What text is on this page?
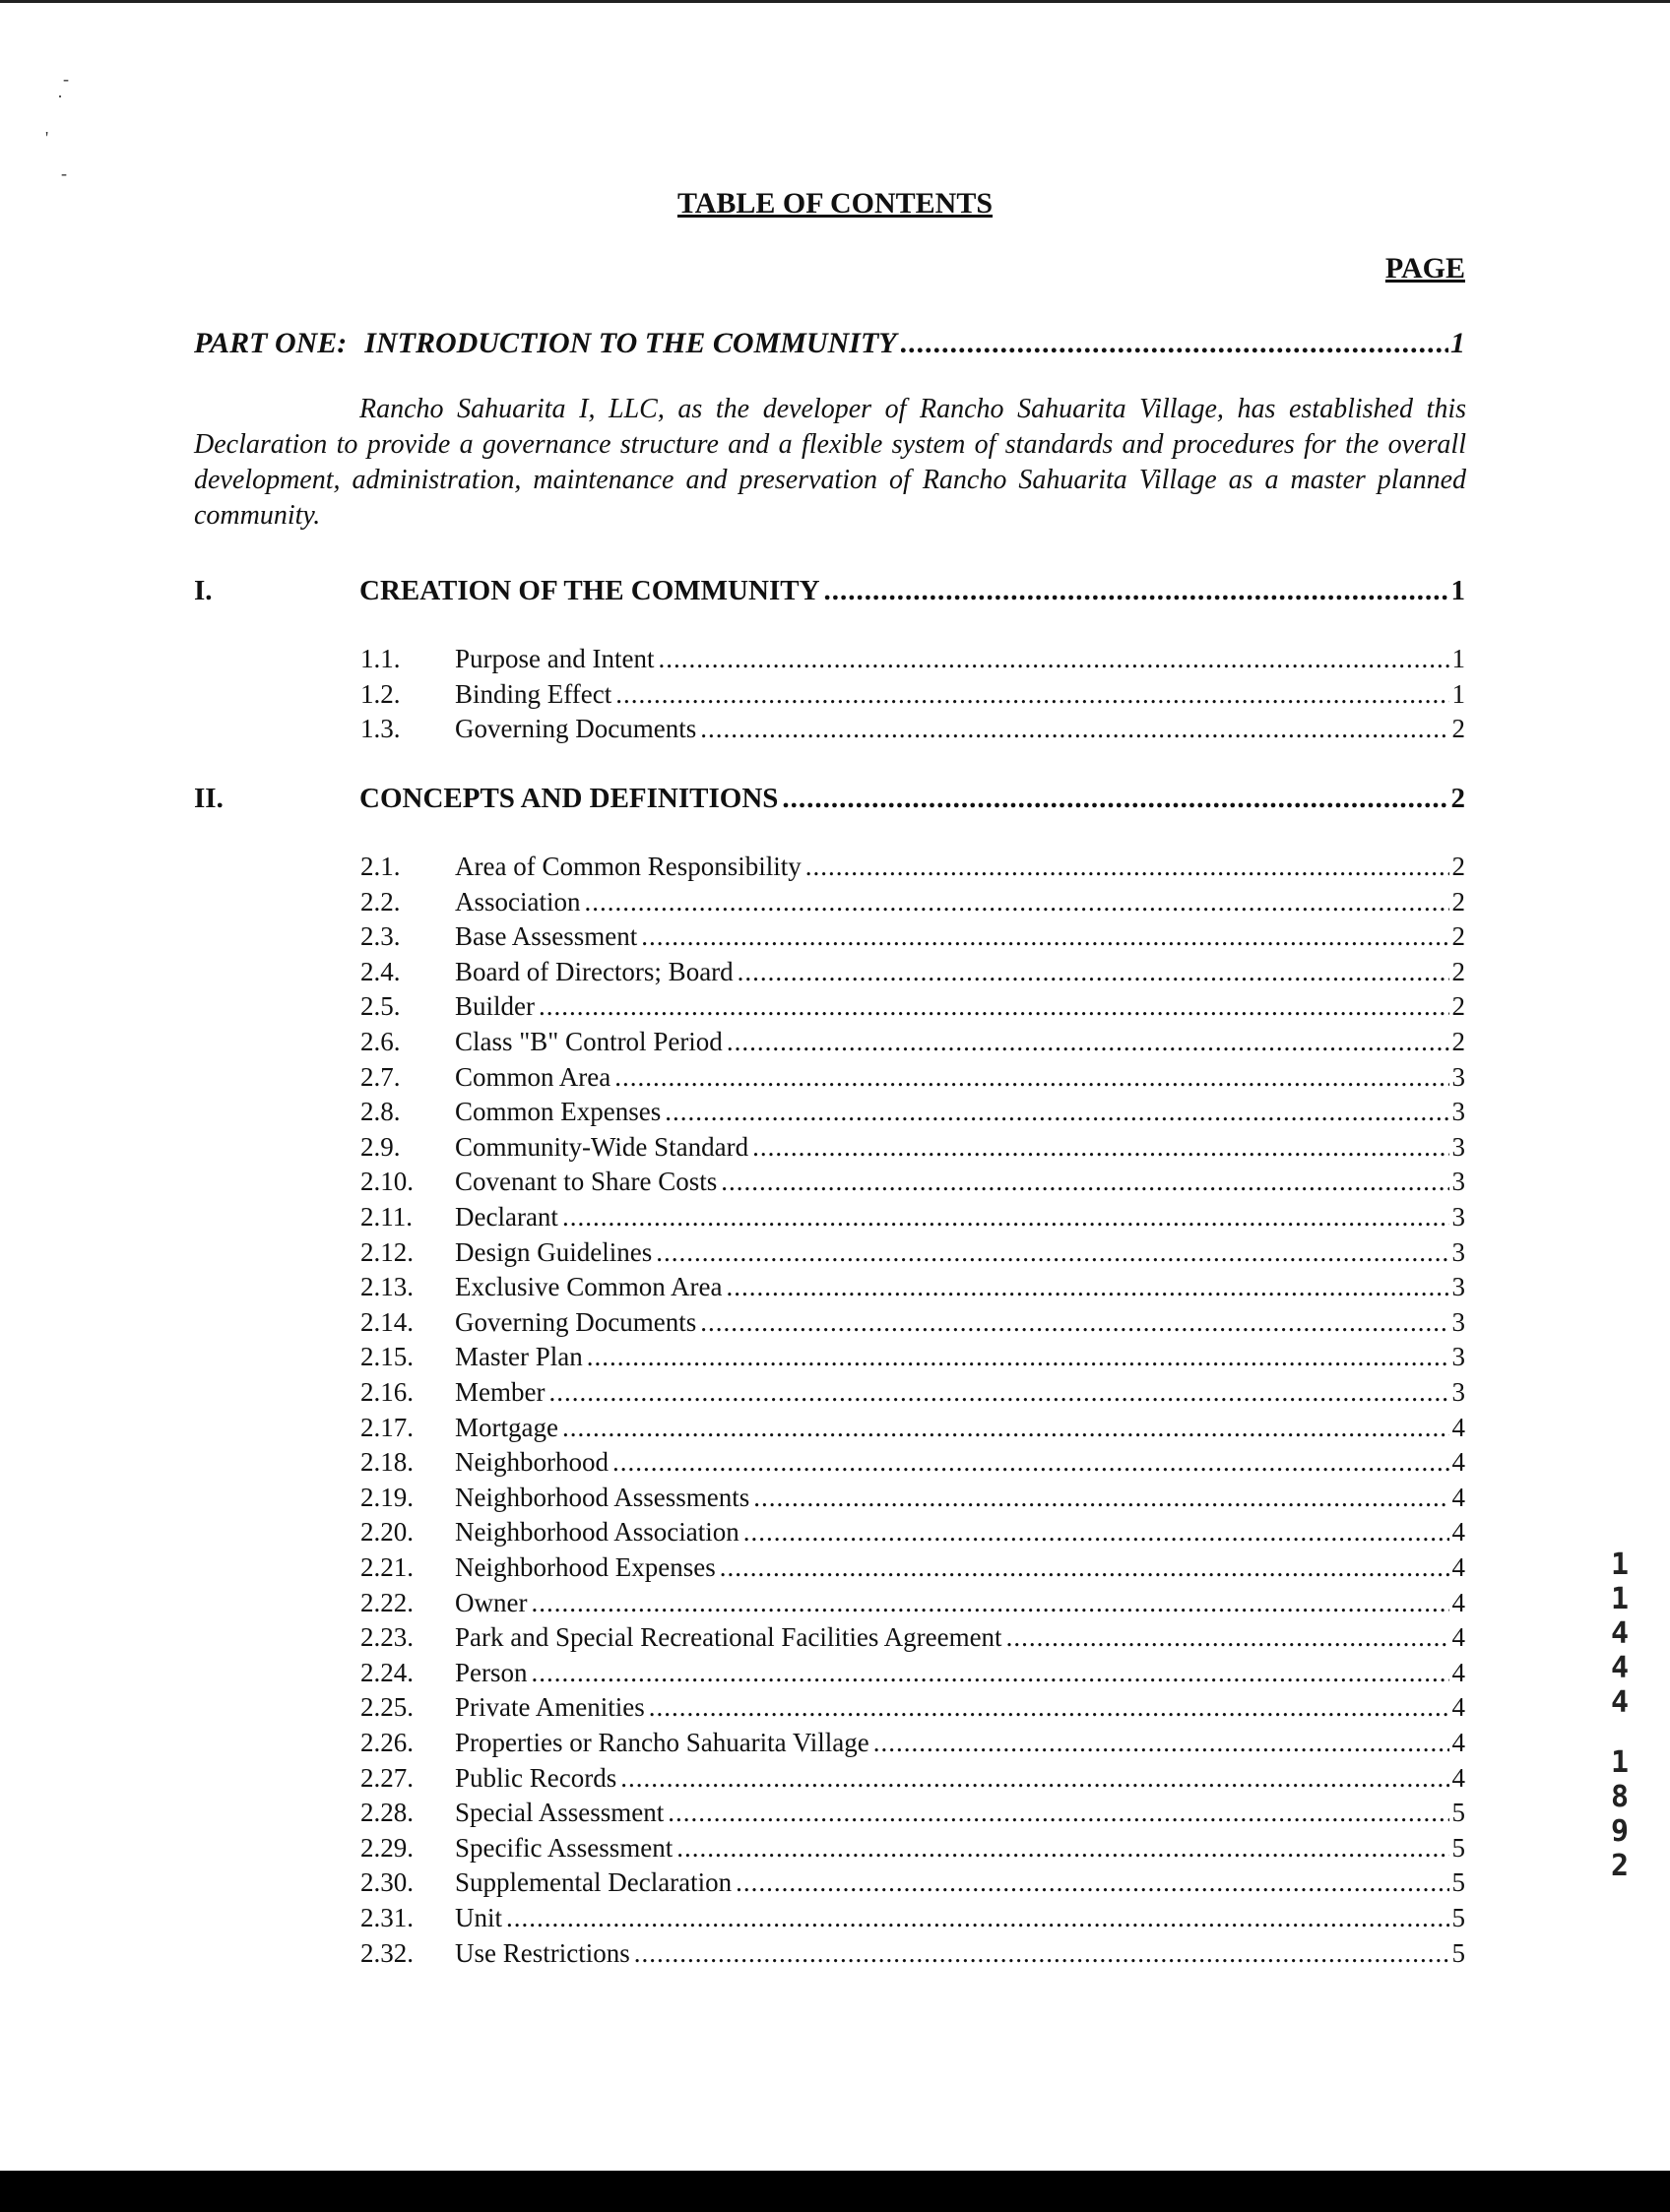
-
·
'
-
TABLE OF CONTENTS
PAGE
PART ONE: INTRODUCTION TO THE COMMUNITY .....	1
Rancho Sahuarita I, LLC, as the developer of Rancho Sahuarita Village, has established this Declaration to provide a governance structure and a flexible system of standards and procedures for the overall development, administration, maintenance and preservation of Rancho Sahuarita Village as a master planned community.
I.	CREATION OF THE COMMUNITY .....	1
1.1.	Purpose and Intent .....	1
1.2.	Binding Effect .....	1
1.3.	Governing Documents .....	2
II.	CONCEPTS AND DEFINITIONS .....	2
2.1.	Area of Common Responsibility .....	2
2.2.	Association .....	2
2.3.	Base Assessment .....	2
2.4.	Board of Directors; Board .....	2
2.5.	Builder .....	2
2.6.	Class "B" Control Period .....	2
2.7.	Common Area .....	3
2.8.	Common Expenses .....	3
2.9.	Community-Wide Standard .....	3
2.10.	Covenant to Share Costs .....	3
2.11.	Declarant .....	3
2.12.	Design Guidelines .....	3
2.13.	Exclusive Common Area .....	3
2.14.	Governing Documents .....	3
2.15.	Master Plan .....	3
2.16.	Member .....	3
2.17.	Mortgage .....	4
2.18.	Neighborhood .....	4
2.19.	Neighborhood Assessments .....	4
2.20.	Neighborhood Association .....	4
2.21.	Neighborhood Expenses .....	4
2.22.	Owner .....	4
2.23.	Park and Special Recreational Facilities Agreement .....	4
2.24.	Person .....	4
2.25.	Private Amenities .....	4
2.26.	Properties or Rancho Sahuarita Village .....	4
2.27.	Public Records .....	4
2.28.	Special Assessment .....	5
2.29.	Specific Assessment .....	5
2.30.	Supplemental Declaration .....	5
2.31.	Unit .....	5
2.32.	Use Restrictions .....	5
1
1
4
4
4
1
8
9
2
